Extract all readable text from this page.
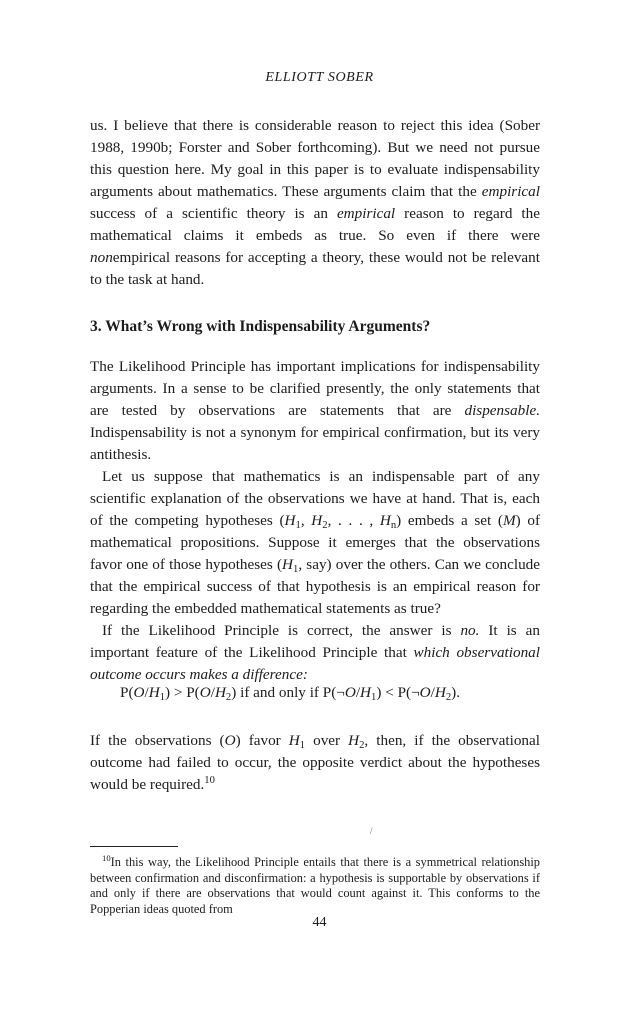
ELLIOTT SOBER

us. I believe that there is considerable reason to reject this idea (Sober 1988, 1990b; Forster and Sober forthcoming). But we need not pursue this question here. My goal in this paper is to evaluate indispensability arguments about mathematics. These arguments claim that the empirical success of a scientific theory is an empirical reason to regard the mathematical claims it embeds as true. So even if there were nonempirical reasons for accepting a theory, these would not be relevant to the task at hand.

3. What’s Wrong with Indispensability Arguments?

The Likelihood Principle has important implications for indispensability arguments. In a sense to be clarified presently, the only statements that are tested by observations are statements that are dispensable. Indispensability is not a synonym for empirical confirmation, but its very antithesis.

Let us suppose that mathematics is an indispensable part of any scientific explanation of the observations we have at hand. That is, each of the competing hypotheses ($H_1$, $H_2$, . . . , $H_n$) embeds a set (M) of mathematical propositions. Suppose it emerges that the observations favor one of those hypotheses ($H_1$, say) over the others. Can we conclude that the empirical success of that hypothesis is an empirical reason for regarding the embedded mathematical statements as true?

If the Likelihood Principle is correct, the answer is no. It is an important feature of the Likelihood Principle that which observational outcome occurs makes a difference:

$P(O/H_1) > P(O/H_2)$ if and only if $P(\neg O/H_1)$ < $P(\neg O/H_2)$.

If the observations (O) favor $H_1$ over $H_2$, then, if the observational outcome had failed to occur, the opposite verdict about the hypotheses would be required.$^{10}$

/
$^{10}$In this way, the Likelihood Principle entails that there is a symmetrical relationship between confirmation and disconfirmation: a hypothesis is supportable by observations if and only if there are observations that would count against it. This conforms to the Popperian ideas quoted from
44
